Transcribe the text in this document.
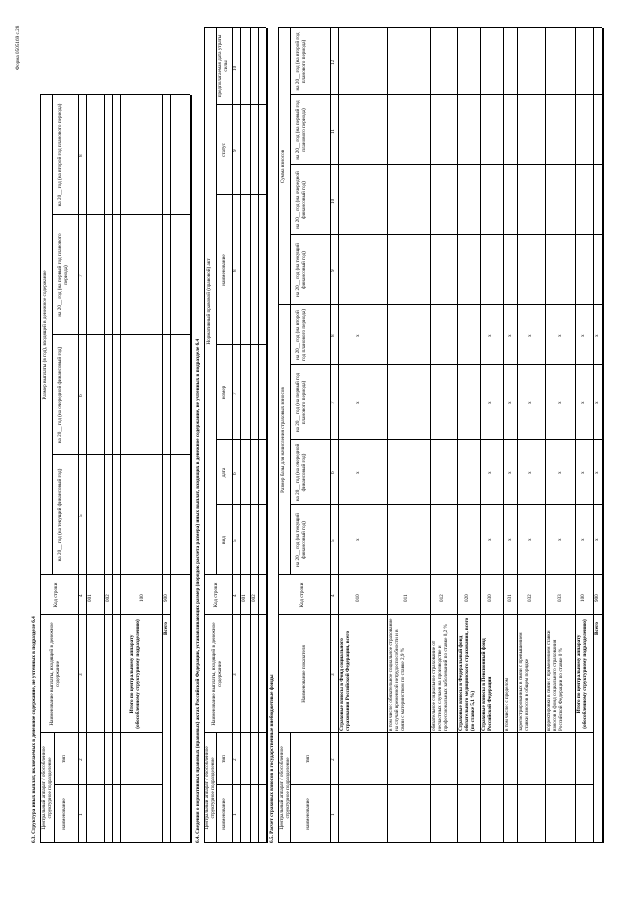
Форма 0505169 с.28
6.3. Структура иных выплат, включаемых в денежное содержание, не учтенных в подразделе 6.4 Центральный аппарат / обособленное структурное подразделение наименование
тип
Наименование выплаты, входящей в денежное содержание
Код строки
Размер выплаты (в год), входящей в денежное содержание
на 20__ год (на текущий финансовый год)
на 20__ год (на очередной финансовый год)
на 20__ год (на первый год планового периода)
на 20__ год (на второй год планового периода)
1
2
3
4
5
6
7
8
001 002
Итого по центральному аппарату (обособленному структурному подразделению)
100
Всего
900	6.4. Сведения о нормативных правовых (правовых) актах Российской Федерации, устанавливающих размер (порядок расчета размера) иных выплат, входящих в денежное содержание, не учтенных в подразделе 6.4 Центральный аппарат / обособленное структурное подразделение наименование
тип
Наименование выплаты, входящей в денежное содержание
Код строки
Нормативный правовой (правовой) акт
вид
дата
номер
наименование
статус
предполагаемая дата утраты силы
1
2
3
4
5
6
7
8
9
10
001 002
6.5. Расчет страховых взносов в государственные внебюджетные фонды Центральный аппарат / обособленное структурное подразделение	наименование
тип
Наименование показателя
Код строки
Размер базы для начисления страховых взносов
Сумма взносов
на 20__ год (на текущий финансовый год)
на 20__ год (на очередной финансовый год)
на 20__ год (на первый год планового периода)
на 20__ год (на второй год планового периода)
на 20__ год (на текущий финансовый год)
на 20__ год (на очередной финансовый год)
на 20__ год (на первый год планового периода)
на 20__ год (на второй год планового периода)
1
2
3
4
5
6
7
8
9
10
11
12
Страховые взносы в Фонд социального страхования Российской Федерации, всего
010
x
x
x
x
в том числе: обязательное социальное страхование на случай временной нетрудоспособности и в связи с материнством по ставке 2,9 %
011
обязательное социальное страхование от несчастных случаев на производстве и профессиональных заболеваний по ставке 0,2 %
012
Страховые взносы в Федеральный фонд обязательного медицинского страхования, всего (по ставке 5,1 %)
020
Страховые взносы в Пенсионный фонд Российской Федерации
030
x
x
x
x
в том числе: с пределом
031
x
x
x
x
зарегистрированных в связи с превышением ставки взносов в общем порядке
032
x
x
x
x
корректировки в связи с применением ставки взносов в фонд социального страхования Российской Федерации по ставке 0 %
033
x
x
x
x
Итого по центральному аппарату (обособленному структурному подразделению)
100
x
x
x
x
Всего
900
x
x
x
x
